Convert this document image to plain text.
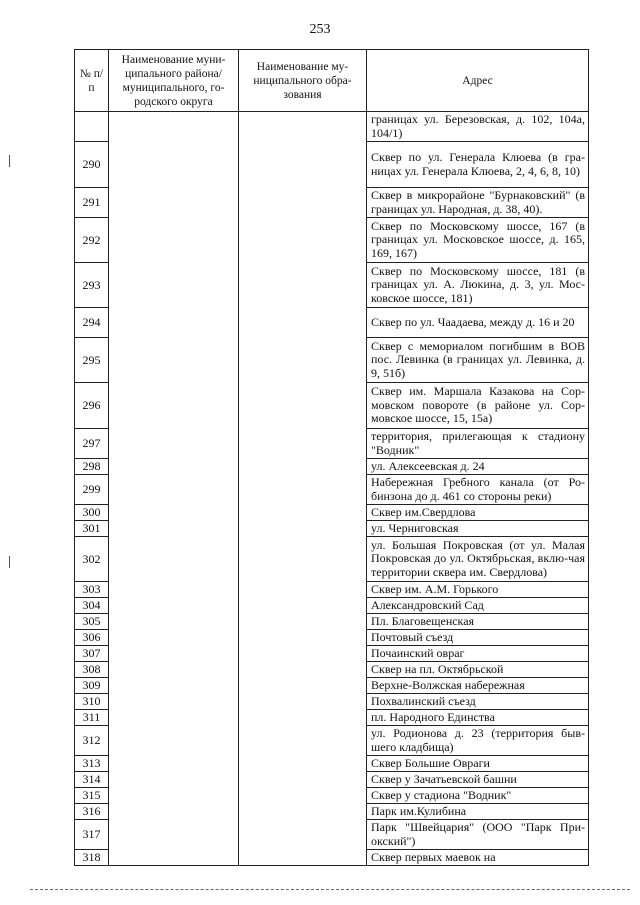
253
№ п/п	Наименование муни-ципального района/ муниципального, го-родского округа	Наименование му-ниципального обра-зования	Адрес
			границах ул. Березовская, д. 102, 104а, 104/1)
290			Сквер по ул. Генерала Клюева (в гра-ницах ул. Генерала Клюева, 2, 4, 6, 8, 10)
291			Сквер в микрорайоне "Бурнаковский" (в границах ул. Народная, д. 38, 40).
292			Сквер по Московскому шоссе, 167 (в границах ул. Московское шоссе, д. 165, 169, 167)
293			Сквер по Московскому шоссе, 181 (в границах ул. А. Люкина, д. 3, ул. Мос-ковское шоссе, 181)
294			Сквер по ул. Чаадаева, между д. 16 и 20
295			Сквер с мемориалом погибшим в ВОВ пос. Левинка (в границах ул. Левинка, д. 9, 51б)
296			Сквер им. Маршала Казакова на Сор-мовском повороте (в районе ул. Сор-мовское шоссе, 15, 15а)
297			территория, прилегающая к стадиону "Водник"
298			ул. Алексеевская д. 24
299			Набережная Гребного канала (от Ро-бинзона до д. 461 со стороны реки)
300			Сквер им.Свердлова
301			ул. Черниговская
302			ул. Большая Покровская (от ул. Малая Покровская до ул. Октябрьская, вклю-чая территории сквера им. Свердлова)
303			Сквер им. А.М. Горького
304			Александровский Сад
305			Пл. Благовещенская
306			Почтовый съезд
307			Почаинский овраг
308			Сквер на пл. Октябрьской
309			Верхне-Волжская набережная
310			Похвалинский съезд
311			пл. Народного Единства
312			ул. Родионова д. 23 (территория быв-шего кладбища)
313			Сквер Большие Овраги
314			Сквер у Зачатьевской башни
315			Сквер у стадиона "Водник"
316			Парк им.Кулибина
317			Парк "Швейцария" (ООО "Парк При-окский")
318			Сквер первых маевок на
